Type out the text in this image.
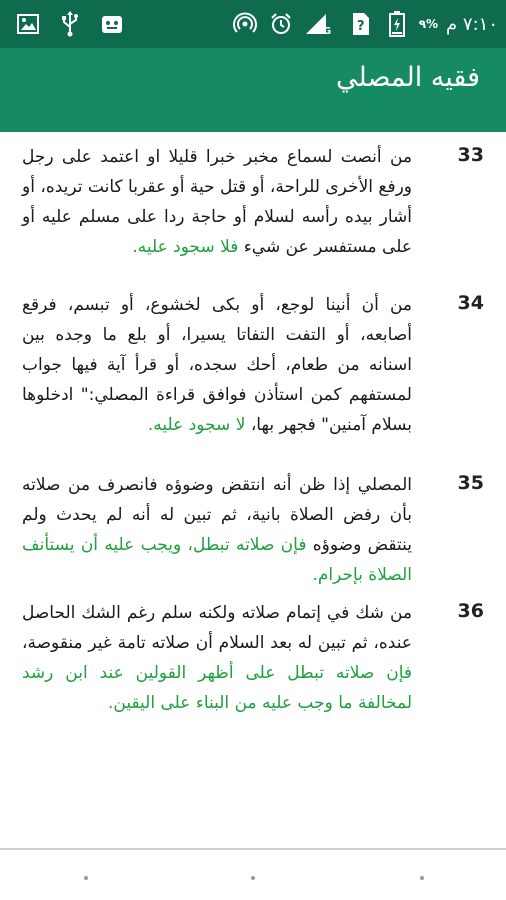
3G ?	٩% ٧:١٠ م
فقيه المصلي
33
من أنصت لسماع مخبر خبرا قليلا او اعتمد على رجل ورفع الأخرى للراحة، أو قتل حية أو عقربا كانت تريده، أو أشار بيده رأسه لسلام أو حاجة ردا على مسلم عليه أو على مستفسر عن شيء فلا سجود عليه.
34
من أن أنينا لوجع، أو بكى لخشوع، أو تبسم، فرقع أصابعه، أو التفت التفاتا يسيرا، أو بلع ما وجده بين اسنانه من طعام، أحك سجده، أو قرأ آية فيها جواب لمستفهم كمن استأذن فوافق قراءة المصلي:" ادخلوها بسلام آمنين" فجهر بها، لا سجود عليه.
35
المصلي إذا ظن أنه انتقض وضوؤه فانصرف من صلاته بأن رفض الصلاة بانية، ثم تبين له أنه لم يحدث ولم ينتقض وضوؤه فإن صلاته تبطل، ويجب عليه أن يستأنف الصلاة بإحرام.
36
من شك في إتمام صلاته ولكنه سلم رغم الشك الحاصل عنده، ثم تبين له بعد السلام أن صلاته تامة غير منقوصة، فإن صلاته تبطل على أظهر القولين عند ابن رشد لمخالفة ما وجب عليه من البناء على اليقين.
